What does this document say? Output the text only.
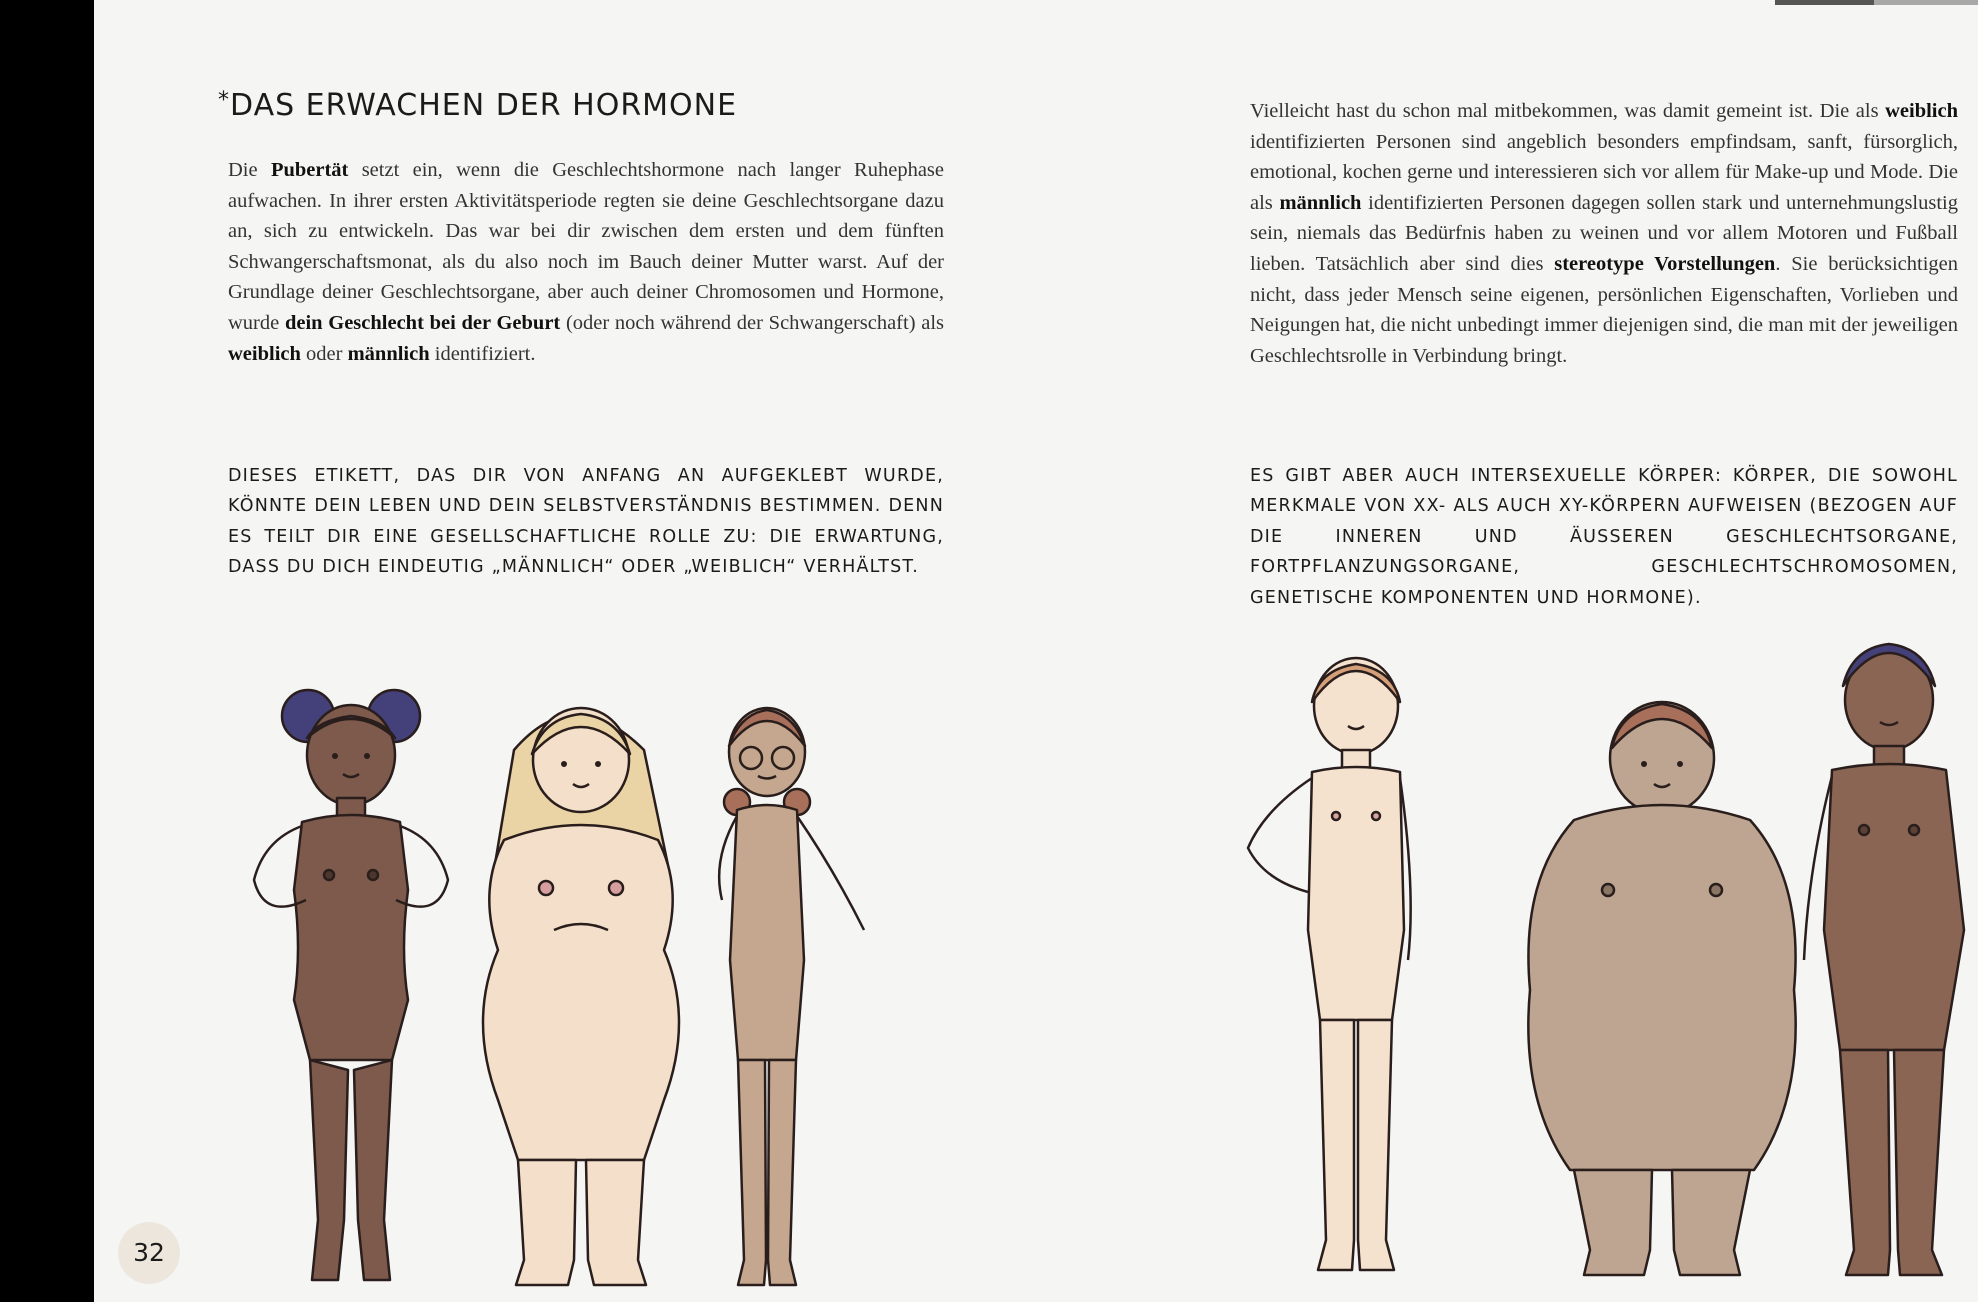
*DAS ERWACHEN DER HORMONE

Die Pubertät setzt ein, wenn die Geschlechtshormone nach langer Ruhephase aufwachen. In ihrer ersten Aktivitätsperiode regten sie deine Geschlechtsorgane dazu an, sich zu entwickeln. Das war bei dir zwischen dem ersten und dem fünften Schwangerschaftsmonat, als du also noch im Bauch deiner Mutter warst. Auf der Grundlage deiner Geschlechtsorgane, aber auch deiner Chromosomen und Hormone, wurde dein Geschlecht bei der Geburt (oder noch während der Schwangerschaft) als weiblich oder männlich identifiziert.

DIESES ETIKETT, DAS DIR VON ANFANG AN AUFGEKLEBT WURDE, KÖNNTE DEIN LEBEN UND DEIN SELBSTVERSTÄNDNIS BESTIMMEN. DENN ES TEILT DIR EINE GESELLSCHAFTLICHE ROLLE ZU: DIE ERWARTUNG, DASS DU DICH EINDEUTIG „MÄNNLICH“ ODER „WEIBLICH“ VERHÄLTST.

32

Vielleicht hast du schon mal mitbekommen, was damit gemeint ist. Die als weiblich identifizierten Personen sind angeblich besonders empfindsam, sanft, fürsorglich, emotional, kochen gerne und interessieren sich vor allem für Make-up und Mode. Die als männlich identifizierten Personen dagegen sollen stark und unternehmungslustig sein, niemals das Bedürfnis haben zu weinen und vor allem Motoren und Fußball lieben. Tatsächlich aber sind dies stereotype Vorstellungen. Sie berücksichtigen nicht, dass jeder Mensch seine eigenen, persönlichen Eigenschaften, Vorlieben und Neigungen hat, die nicht unbedingt immer diejenigen sind, die man mit der jeweiligen Geschlechtsrolle in Verbindung bringt.

ES GIBT ABER AUCH INTERSEXUELLE KÖRPER: KÖRPER, DIE SOWOHL MERKMALE VON XX- ALS AUCH XY-KÖRPERN AUFWEISEN (BEZOGEN AUF DIE INNEREN UND ÄUSSEREN GESCHLECHTSORGANE, FORTPFLANZUNGSORGANE, GESCHLECHTSCHROMOSOMEN, GENETISCHE KOMPONENTEN UND HORMONE).
